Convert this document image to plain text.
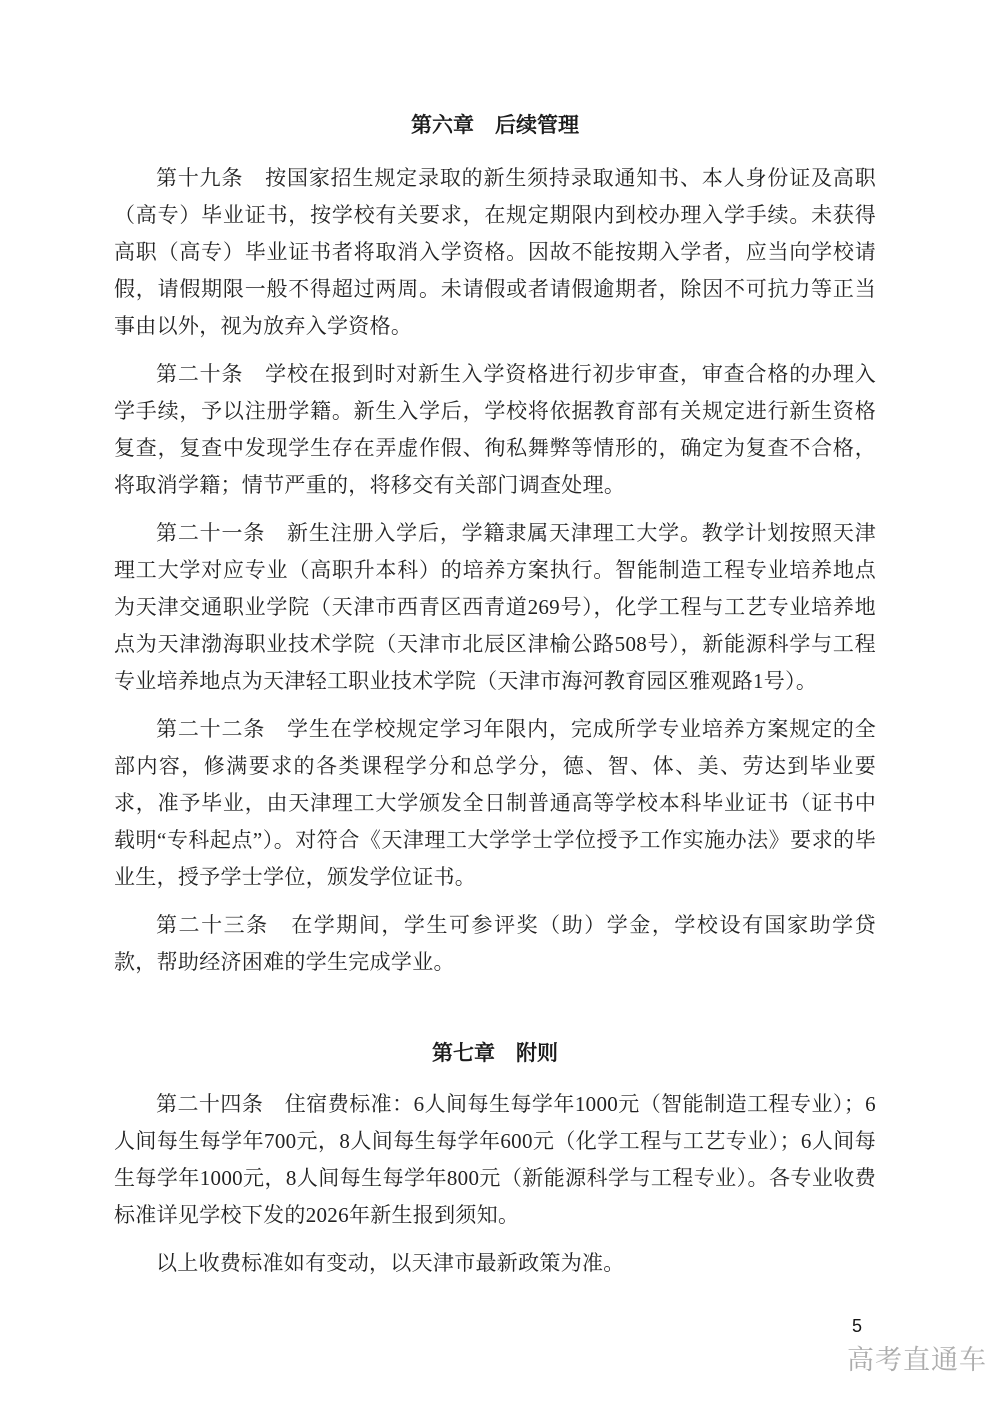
第六章　后续管理

第十九条　按国家招生规定录取的新生须持录取通知书、本人身份证及高职（高专）毕业证书，按学校有关要求，在规定期限内到校办理入学手续。未获得高职（高专）毕业证书者将取消入学资格。因故不能按期入学者，应当向学校请假，请假期限一般不得超过两周。未请假或者请假逾期者，除因不可抗力等正当事由以外，视为放弃入学资格。

第二十条　学校在报到时对新生入学资格进行初步审查，审查合格的办理入学手续，予以注册学籍。新生入学后，学校将依据教育部有关规定进行新生资格复查，复查中发现学生存在弄虚作假、徇私舞弊等情形的，确定为复查不合格，将取消学籍；情节严重的，将移交有关部门调查处理。

第二十一条　新生注册入学后，学籍隶属天津理工大学。教学计划按照天津理工大学对应专业（高职升本科）的培养方案执行。智能制造工程专业培养地点为天津交通职业学院（天津市西青区西青道269号），化学工程与工艺专业培养地点为天津渤海职业技术学院（天津市北辰区津榆公路508号），新能源科学与工程专业培养地点为天津轻工职业技术学院（天津市海河教育园区雅观路1号）。

第二十二条　学生在学校规定学习年限内，完成所学专业培养方案规定的全部内容，修满要求的各类课程学分和总学分，德、智、体、美、劳达到毕业要求，准予毕业，由天津理工大学颁发全日制普通高等学校本科毕业证书（证书中载明“专科起点”）。对符合《天津理工大学学士学位授予工作实施办法》要求的毕业生，授予学士学位，颁发学位证书。

第二十三条　在学期间，学生可参评奖（助）学金，学校设有国家助学贷款，帮助经济困难的学生完成学业。

第七章　附则

第二十四条　住宿费标准：6人间每生每学年1000元（智能制造工程专业）；6人间每生每学年700元，8人间每生每学年600元（化学工程与工艺专业）；6人间每生每学年1000元，8人间每生每学年800元（新能源科学与工程专业）。各专业收费标准详见学校下发的2026年新生报到须知。

以上收费标准如有变动，以天津市最新政策为准。

5
高考直通车
